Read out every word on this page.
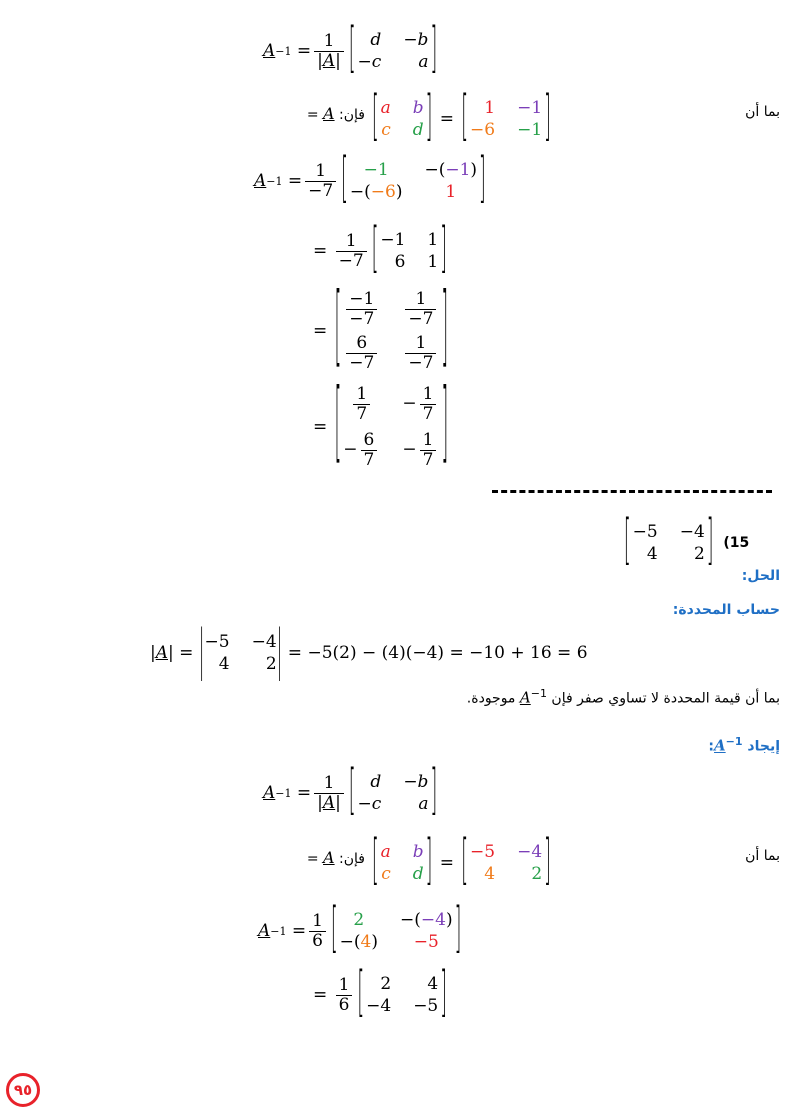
$A -1 = \frac{1}{|A|}$ [ d −b
−c	a ]
[ a b
c d ] = [ 1 −1
−6 −1 ]

فإن: A =	بما أن
$A -1 = \frac{1}{-7}$ [ −1	−(−1)
−(−6)	1	]
= $\frac{1}{-7}$ [ −1 1
6 1 ]
= [ $\frac{-1}{-7} \frac{1}{-7}$
$\frac{6}{-7} \frac{1}{-7}$ ]
= [ $\frac{1}{7} - \frac{1}{7}$
− $\frac{6}{7} - \frac{1}{7}$ ]
[ −5 −4
4	2 ] (15
الحل:
حساب المحددة:
| A | = | −5 −4
4	2 |
= −5(2) − (4)(−4) = −10 + 16 = 6
بما أن قيمة المحددة لا تساوي صفر فإن $A^{-1}$ موجودة.
إيجاد $A^{-1}$:
$A -1 = \frac{1}{|A|}$ [ d −b
−c	a ]
[ a b
c d ] = [ −5 −4
4	2 ]
فإن: A =	بما أن
$A -1 = \frac{1}{6}$ [ 2	−(−4)
−(4)	−5 ]
= $\frac{1}{6}$ [ 2	4
−4 −5 ]
٩٥
